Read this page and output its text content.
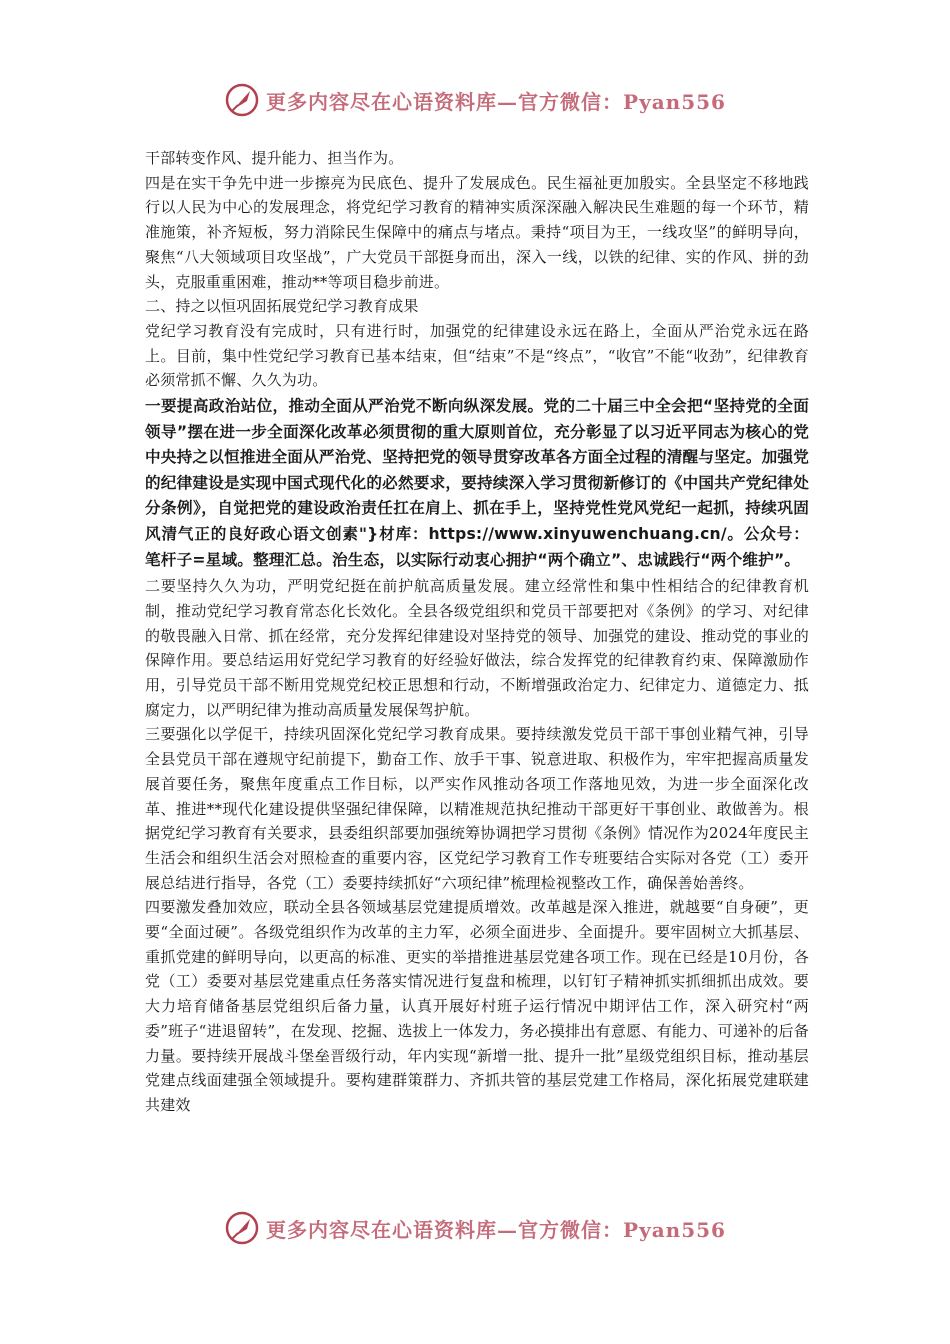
更多内容尽在心语资料库—官方微信：Pyan556

干部转变作风、提升能力、担当作为。

四是在实干争先中进一步擦亮为民底色、提升了发展成色。民生福祉更加殷实。全县坚定不移地践行以人民为中心的发展理念，将党纪学习教育的精神实质深深融入解决民生难题的每一个环节，精准施策，补齐短板，努力消除民生保障中的痛点与堵点。秉持“项目为王，一线攻坚”的鲜明导向，聚焦“八大领域项目攻坚战”，广大党员干部挺身而出，深入一线，以铁的纪律、实的作风、拼的劲头，克服重重困难，推动**等项目稳步前进。

二、持之以恒巩固拓展党纪学习教育成果

党纪学习教育没有完成时，只有进行时，加强党的纪律建设永远在路上，全面从严治党永远在路上。目前，集中性党纪学习教育已基本结束，但“结束”不是“终点”，“收官”不能“收劲”，纪律教育必须常抓不懈、久久为功。

一要提高政治站位，推动全面从严治党不断向纵深发展。党的二十届三中全会把“坚持党的全面领导”摆在进一步全面深化改革必须贯彻的重大原则首位，充分彰显了以习近平同志为核心的党中央持之以恒推进全面从严治党、坚持把党的领导贯穿改革各方面全过程的清醒与坚定。加强党的纪律建设是实现中国式现代化的必然要求，要持续深入学习贯彻新修订的《中国共产党纪律处分条例》，自觉把党的建设政治责任扛在肩上、抓在手上，坚持党性党风党纪一起抓，持续巩固风清气正的良好政心语文创素"}材库：https://www.xinyuwenchuang.cn/。公众号：笔杆子=星域。整理汇总。治生态，以实际行动衷心拥护“两个确立”、忠诚践行“两个维护”。

二要坚持久久为功，严明党纪挺在前护航高质量发展。建立经常性和集中性相结合的纪律教育机制，推动党纪学习教育常态化长效化。全县各级党组织和党员干部要把对《条例》的学习、对纪律的敬畏融入日常、抓在经常，充分发挥纪律建设对坚持党的领导、加强党的建设、推动党的事业的保障作用。要总结运用好党纪学习教育的好经验好做法，综合发挥党的纪律教育约束、保障激励作用，引导党员干部不断用党规党纪校正思想和行动，不断增强政治定力、纪律定力、道德定力、抵腐定力，以严明纪律为推动高质量发展保驾护航。

三要强化以学促干，持续巩固深化党纪学习教育成果。要持续激发党员干部干事创业精气神，引导全县党员干部在遵规守纪前提下，勤奋工作、放手干事、锐意进取、积极作为，牢牢把握高质量发展首要任务，聚焦年度重点工作目标，以严实作风推动各项工作落地见效，为进一步全面深化改革、推进**现代化建设提供坚强纪律保障，以精准规范执纪推动干部更好干事创业、敢做善为。根据党纪学习教育有关要求，县委组织部要加强统筹协调把学习贯彻《条例》情况作为2024年度民主生活会和组织生活会对照检查的重要内容，区党纪学习教育工作专班要结合实际对各党（工）委开展总结进行指导，各党（工）委要持续抓好“六项纪律”梳理检视整改工作，确保善始善终。

四要激发叠加效应，联动全县各领域基层党建提质增效。改革越是深入推进，就越要“自身硬”，更要“全面过硬”。各级党组织作为改革的主力军，必须全面进步、全面提升。要牢固树立大抓基层、重抓党建的鲜明导向，以更高的标准、更实的举措推进基层党建各项工作。现在已经是10月份，各党（工）委要对基层党建重点任务落实情况进行复盘和梳理，以钉钉子精神抓实抓细抓出成效。要大力培育储备基层党组织后备力量，认真开展好村班子运行情况中期评估工作，深入研究村“两委”班子“进退留转”，在发现、挖掘、选拔上一体发力，务必摸排出有意愿、有能力、可递补的后备力量。要持续开展战斗堡垒晋级行动，年内实现“新增一批、提升一批”星级党组织目标，推动基层党建点线面建强全领域提升。要构建群策群力、齐抓共管的基层党建工作格局，深化拓展党建联建共建效

更多内容尽在心语资料库—官方微信：Pyan556
